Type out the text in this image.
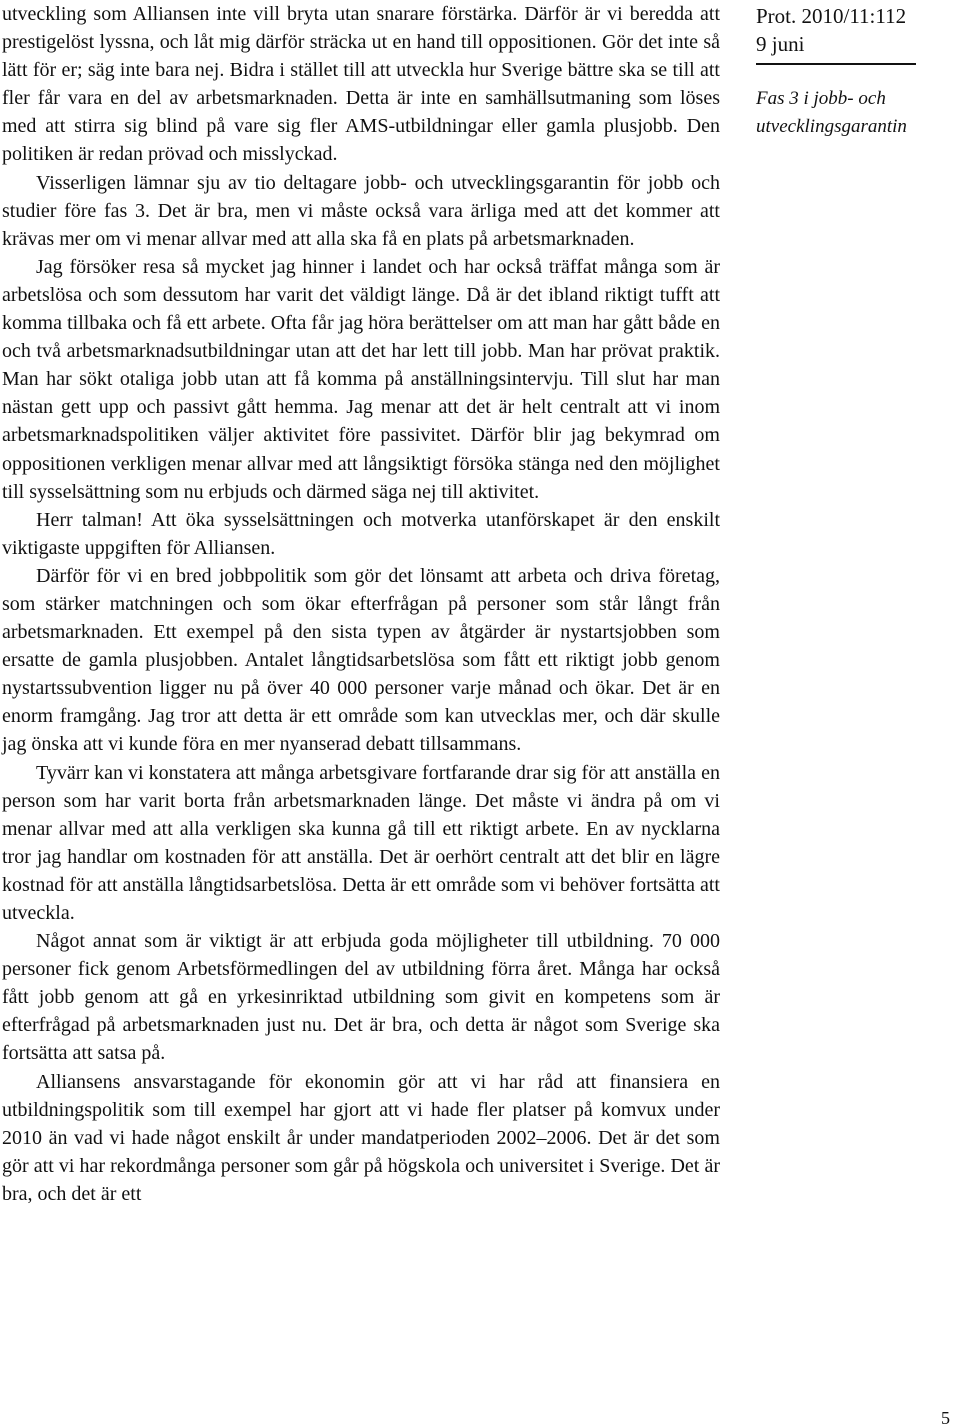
utveckling som Alliansen inte vill bryta utan snarare förstärka. Därför är vi beredda att prestigelöst lyssna, och låt mig därför sträcka ut en hand till oppositionen. Gör det inte så lätt för er; säg inte bara nej. Bidra i stället till att utveckla hur Sverige bättre ska se till att fler får vara en del av arbetsmarknaden. Detta är inte en samhällsutmaning som löses med att stirra sig blind på vare sig fler AMS-utbildningar eller gamla plusjobb. Den politiken är redan prövad och misslyckad.

Visserligen lämnar sju av tio deltagare jobb- och utvecklingsgarantin för jobb och studier före fas 3. Det är bra, men vi måste också vara ärliga med att det kommer att krävas mer om vi menar allvar med att alla ska få en plats på arbetsmarknaden.

Jag försöker resa så mycket jag hinner i landet och har också träffat många som är arbetslösa och som dessutom har varit det väldigt länge. Då är det ibland riktigt tufft att komma tillbaka och få ett arbete. Ofta får jag höra berättelser om att man har gått både en och två arbetsmarknadsutbildningar utan att det har lett till jobb. Man har prövat praktik. Man har sökt otaliga jobb utan att få komma på anställningsintervju. Till slut har man nästan gett upp och passivt gått hemma. Jag menar att det är helt centralt att vi inom arbetsmarknadspolitiken väljer aktivitet före passivitet. Därför blir jag bekymrad om oppositionen verkligen menar allvar med att långsiktigt försöka stänga ned den möjlighet till sysselsättning som nu erbjuds och därmed säga nej till aktivitet.

Herr talman! Att öka sysselsättningen och motverka utanförskapet är den enskilt viktigaste uppgiften för Alliansen.

Därför för vi en bred jobbpolitik som gör det lönsamt att arbeta och driva företag, som stärker matchningen och som ökar efterfrågan på personer som står långt från arbetsmarknaden. Ett exempel på den sista typen av åtgärder är nystartsjobben som ersatte de gamla plusjobben. Antalet långtidsarbetslösa som fått ett riktigt jobb genom nystartssubvention ligger nu på över 40 000 personer varje månad och ökar. Det är en enorm framgång. Jag tror att detta är ett område som kan utvecklas mer, och där skulle jag önska att vi kunde föra en mer nyanserad debatt tillsammans.

Tyvärr kan vi konstatera att många arbetsgivare fortfarande drar sig för att anställa en person som har varit borta från arbetsmarknaden länge. Det måste vi ändra på om vi menar allvar med att alla verkligen ska kunna gå till ett riktigt arbete. En av nycklarna tror jag handlar om kostnaden för att anställa. Det är oerhört centralt att det blir en lägre kostnad för att anställa långtidsarbetslösa. Detta är ett område som vi behöver fortsätta att utveckla.

Något annat som är viktigt är att erbjuda goda möjligheter till utbildning. 70 000 personer fick genom Arbetsförmedlingen del av utbildning förra året. Många har också fått jobb genom att gå en yrkesinriktad utbildning som givit en kompetens som är efterfrågad på arbetsmarknaden just nu. Det är bra, och detta är något som Sverige ska fortsätta att satsa på.

Alliansens ansvarstagande för ekonomin gör att vi har råd att finansiera en utbildningspolitik som till exempel har gjort att vi hade fler platser på komvux under 2010 än vad vi hade något enskilt år under mandatperioden 2002–2006. Det är det som gör att vi har rekordmånga personer som går på högskola och universitet i Sverige. Det är bra, och det är ett

Prot. 2010/11:112
9 juni
Fas 3 i jobb- och utvecklingsgarantin
5
